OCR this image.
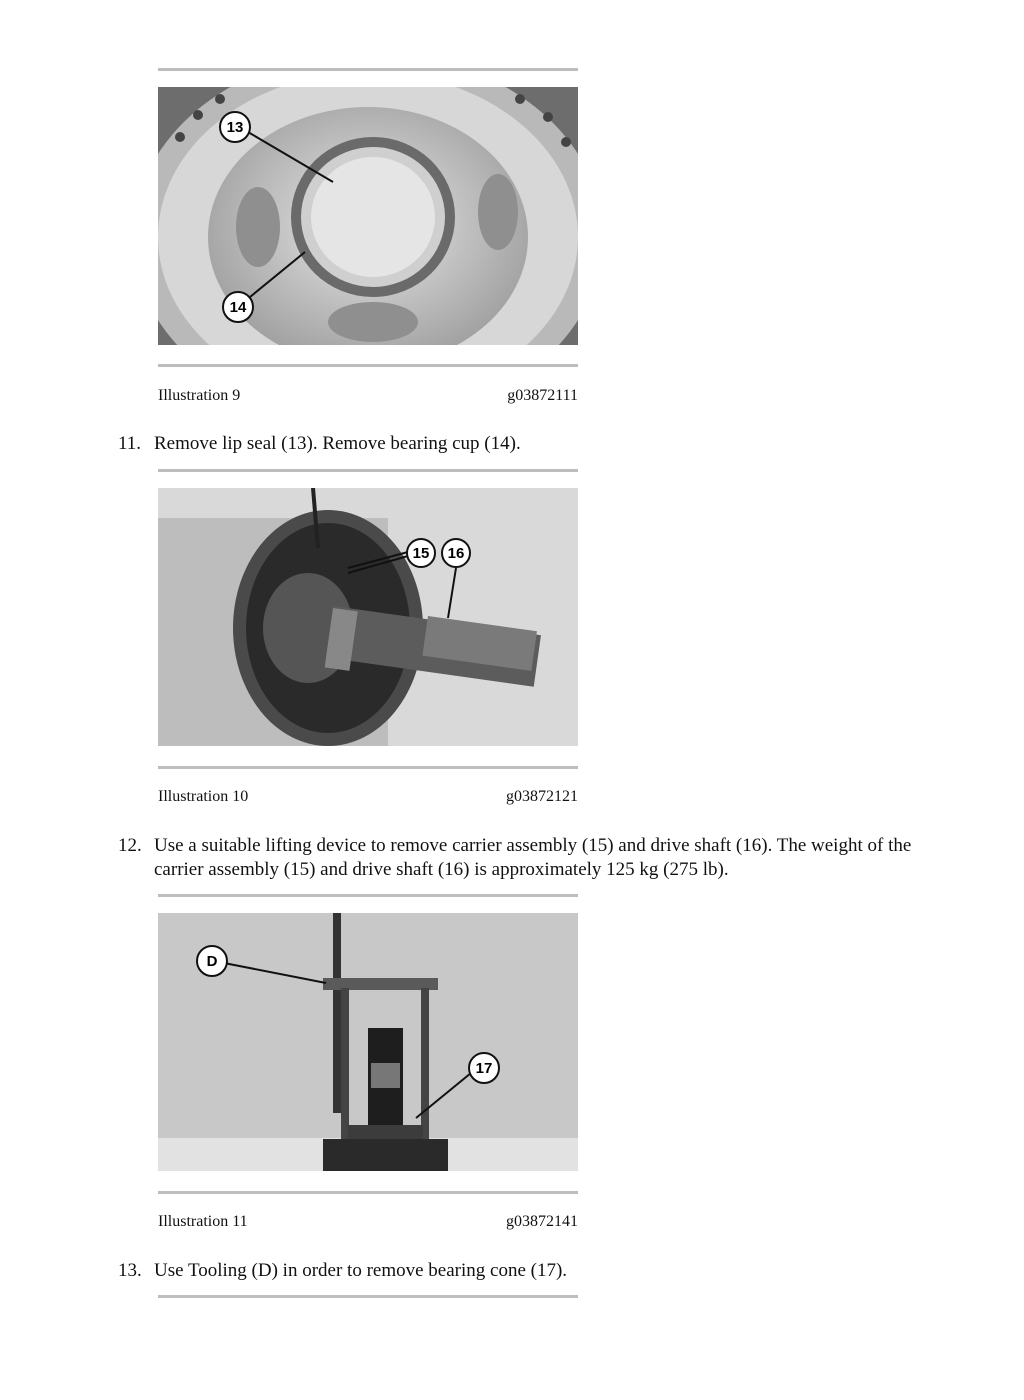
13
14
Illustration 9	g03872111
11. Remove lip seal (13). Remove bearing cup (14).
15 16
Illustration 10	g03872121
12. Use a suitable lifting device to remove carrier assembly (15) and drive shaft (16). The weight of the carrier assembly (15) and drive shaft (16) is approximately 125 kg (275 lb).
D
17
Illustration 11	g03872141
13. Use Tooling (D) in order to remove bearing cone (17).
